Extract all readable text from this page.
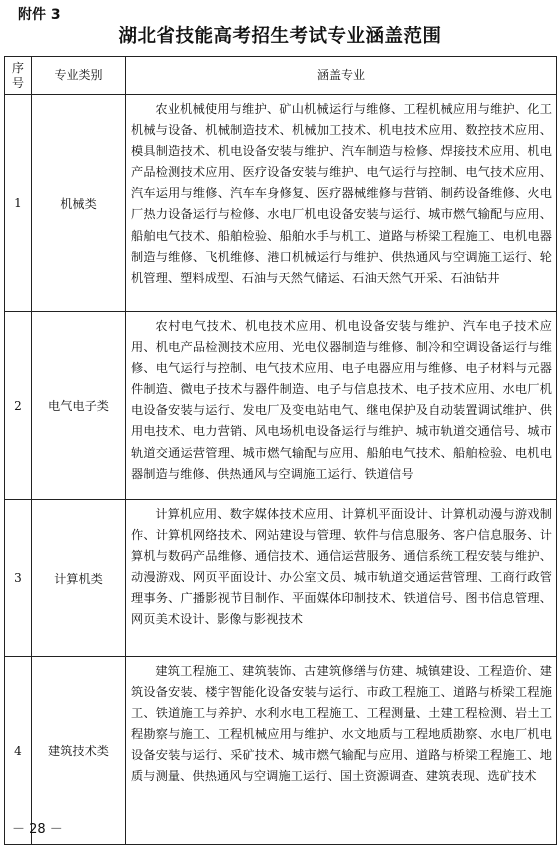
附件 3
湖北省技能高考招生考试专业涵盖范围
序号	专业类别	涵盖专业
1	机械类	农业机械使用与维护、矿山机械运行与维修、工程机械应用与维护、化工机械与设备、机械制造技术、机械加工技术、机电技术应用、数控技术应用、模具制造技术、机电设备安装与维护、汽车制造与检修、焊接技术应用、机电产品检测技术应用、医疗设备安装与维护、电气运行与控制、电气技术应用、汽车运用与维修、汽车车身修复、医疗器械维修与营销、制药设备维修、火电厂热力设备运行与检修、水电厂机电设备安装与运行、城市燃气输配与应用、船舶电气技术、船舶检验、船舶水手与机工、道路与桥梁工程施工、电机电器制造与维修、飞机维修、港口机械运行与维护、供热通风与空调施工运行、轮机管理、塑料成型、石油与天然气储运、石油天然气开采、石油钻井
2	电气电子类	农村电气技术、机电技术应用、机电设备安装与维护、汽车电子技术应用、机电产品检测技术应用、光电仪器制造与维修、制冷和空调设备运行与维修、电气运行与控制、电气技术应用、电子电器应用与维修、电子材料与元器件制造、微电子技术与器件制造、电子与信息技术、电子技术应用、水电厂机电设备安装与运行、发电厂及变电站电气、继电保护及自动装置调试维护、供用电技术、电力营销、风电场机电设备运行与维护、城市轨道交通信号、城市轨道交通运营管理、城市燃气输配与应用、船舶电气技术、船舶检验、电机电器制造与维修、供热通风与空调施工运行、铁道信号
3	计算机类	计算机应用、数字媒体技术应用、计算机平面设计、计算机动漫与游戏制作、计算机网络技术、网站建设与管理、软件与信息服务、客户信息服务、计算机与数码产品维修、通信技术、通信运营服务、通信系统工程安装与维护、动漫游戏、网页平面设计、办公室文员、城市轨道交通运营管理、工商行政管理事务、广播影视节目制作、平面媒体印制技术、铁道信号、图书信息管理、网页美术设计、影像与影视技术
4	建筑技术类	建筑工程施工、建筑装饰、古建筑修缮与仿建、城镇建设、工程造价、建筑设备安装、楼宇智能化设备安装与运行、市政工程施工、道路与桥梁工程施工、铁道施工与养护、水利水电工程施工、工程测量、土建工程检测、岩土工程勘察与施工、工程机械应用与维护、水文地质与工程地质勘察、水电厂机电设备安装与运行、采矿技术、城市燃气输配与应用、道路与桥梁工程施工、地质与测量、供热通风与空调施工运行、国土资源调查、建筑表现、选矿技术
－ 28 －
